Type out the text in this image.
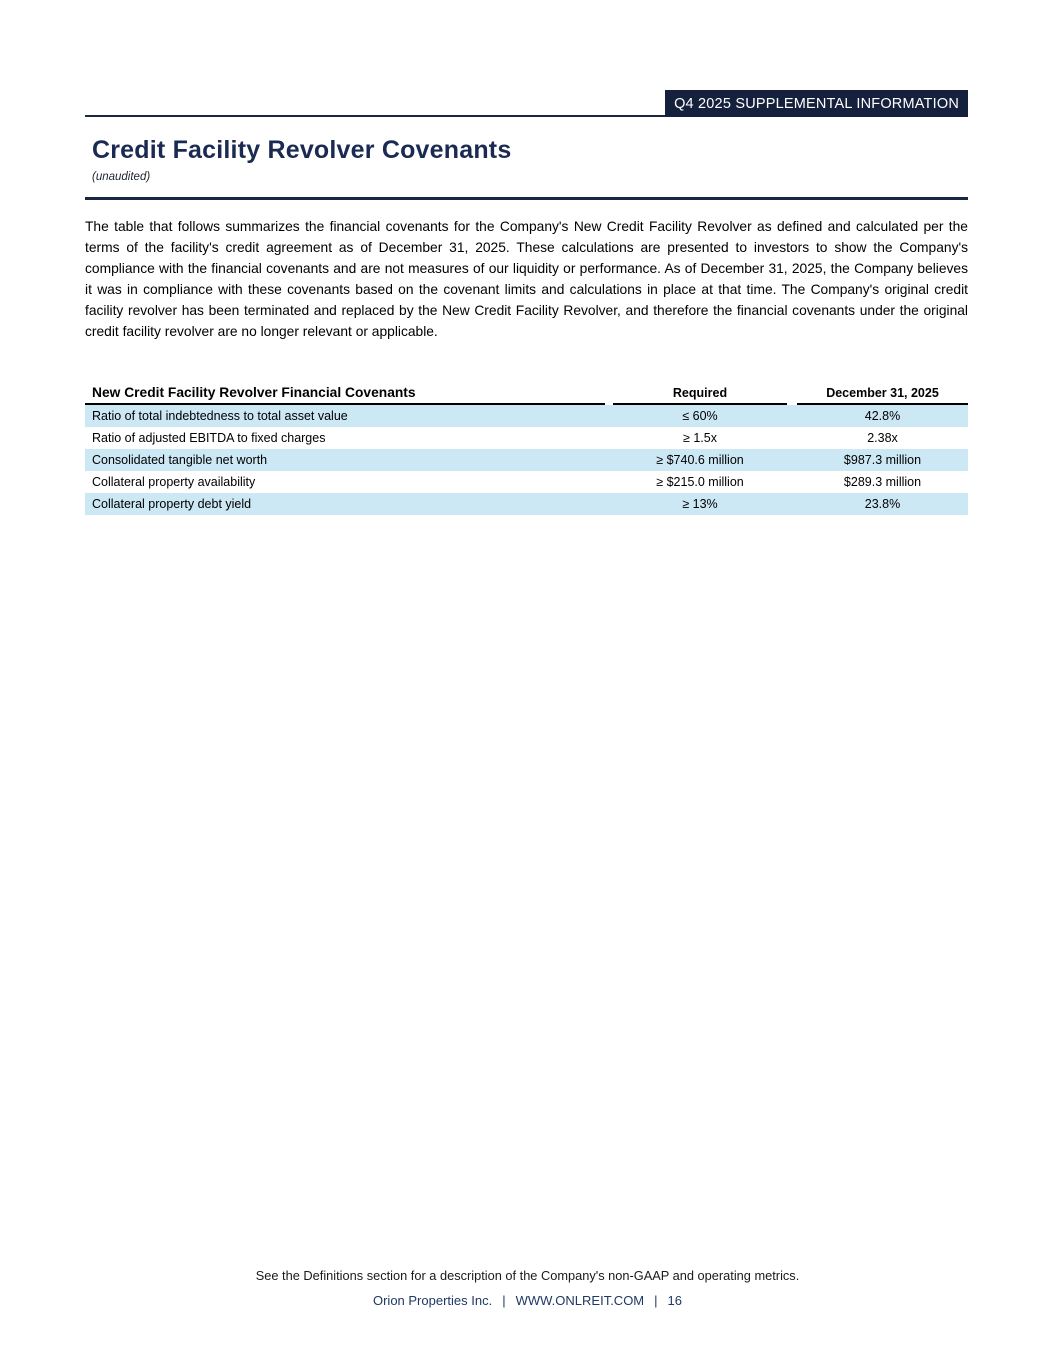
Q4 2025 SUPPLEMENTAL INFORMATION
Credit Facility Revolver Covenants
(unaudited)

The table that follows summarizes the financial covenants for the Company's New Credit Facility Revolver as defined and calculated per the terms of the facility's credit agreement as of December 31, 2025. These calculations are presented to investors to show the Company's compliance with the financial covenants and are not measures of our liquidity or performance. As of December 31, 2025, the Company believes it was in compliance with these covenants based on the covenant limits and calculations in place at that time. The Company's original credit facility revolver has been terminated and replaced by the New Credit Facility Revolver, and therefore the financial covenants under the original credit facility revolver are no longer relevant or applicable.

New Credit Facility Revolver Financial Covenants	Required	December 31, 2025
Ratio of total indebtedness to total asset value	≤ 60%	42.8%
Ratio of adjusted EBITDA to fixed charges	≥ 1.5x	2.38x
Consolidated tangible net worth	≥ $740.6 million	$987.3 million
Collateral property availability	≥ $215.0 million	$289.3 million
Collateral property debt yield	≥ 13%	23.8%
See the Definitions section for a description of the Company's non-GAAP and operating metrics.
Orion Properties Inc. | WWW.ONLREIT.COM | 16
